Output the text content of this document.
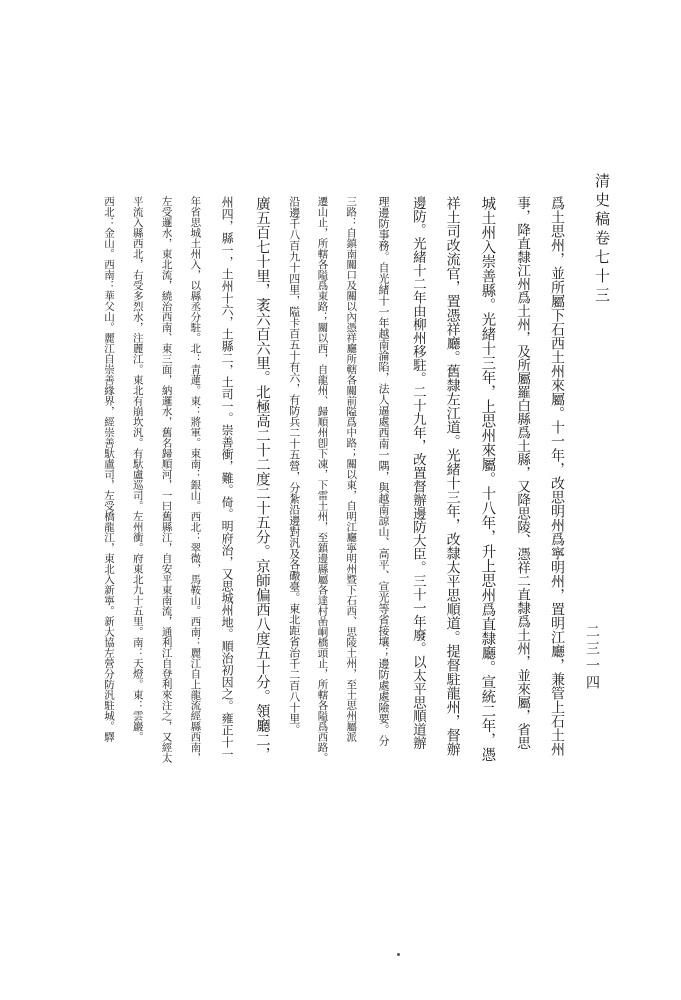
清史稿卷七十三
二三一四
爲土思州，並所屬下石西土州來屬。十一年，改思明州爲寧明州，置明江廳，兼管上石土州
事，降直隸江州爲土州，及所屬羅白縣爲土縣，又降思陵、憑祥二直隸爲土州，並來屬，省思
城土州入崇善縣。光緒十三年，上思州來屬。十八年，升上思州爲直隸廳。宣統二年，憑
祥土司改流官，置憑祥廳。舊隸左江道。光緒十三年，改隸太平思順道。提督駐龍州，督辦
邊防。光緒十二年由柳州移駐。二十九年，改置督辦邊防大臣。三十一年廢。以太平思順道辦
理邊防事務。自光緒十一年越南淪陷，法人逼處西南一隅，與越南諒山、高平、宣光等省接壤；邊防處處險要。分
三路：自鎮南關口及關以內憑祥廳所轄各關前隘爲中路；關以東，自明江廳寧明州暨下石西、思陵土州，至土思州屬派
遷山止，所轄各隘爲東路；關以西，自龍州、歸順州卽下凍，下雷土州，至鎮邊縣屬各達村嵒峒橋頭止，所轄各隘爲西路。
沿邊千八百九十四里，隘卡百五十有六，有防兵二十五營，分紮沿邊對汎及各礮臺。東北距省治千二百八十里。
廣五百七十里，袤六百六里。北極高二十二度二十五分。京師偏西八度五十分。領廳二，
州四，縣一，土州十六，土縣二，土司一。崇善衝，難。倚。明府治，又思城州地。順治初因之。雍正十一
年省思城土州入，以縣丞分駐。北：靑蓮。東：將軍。東南：銀山。西北：翠微，馬鞍山。西南：麗江自上龍流經縣西南，
左受邏水，東北流，繞治西南、東三面，納邏水，舊名歸順河，一曰舊縣江，自安平東南流，通利江自登利來注之，又經太
平流入縣西北，右受多烈水，注麗江。東北有崩坎汎。有馱盧巡司。左州衝。府東北九十五里。南：天燈。東：雲巖。
西北：金山。西南：華父山。麗江自崇善緣界，經崇善馱盧司，左受橋龍江，東北入新寧。新大協左營分防汎駐城。驛
